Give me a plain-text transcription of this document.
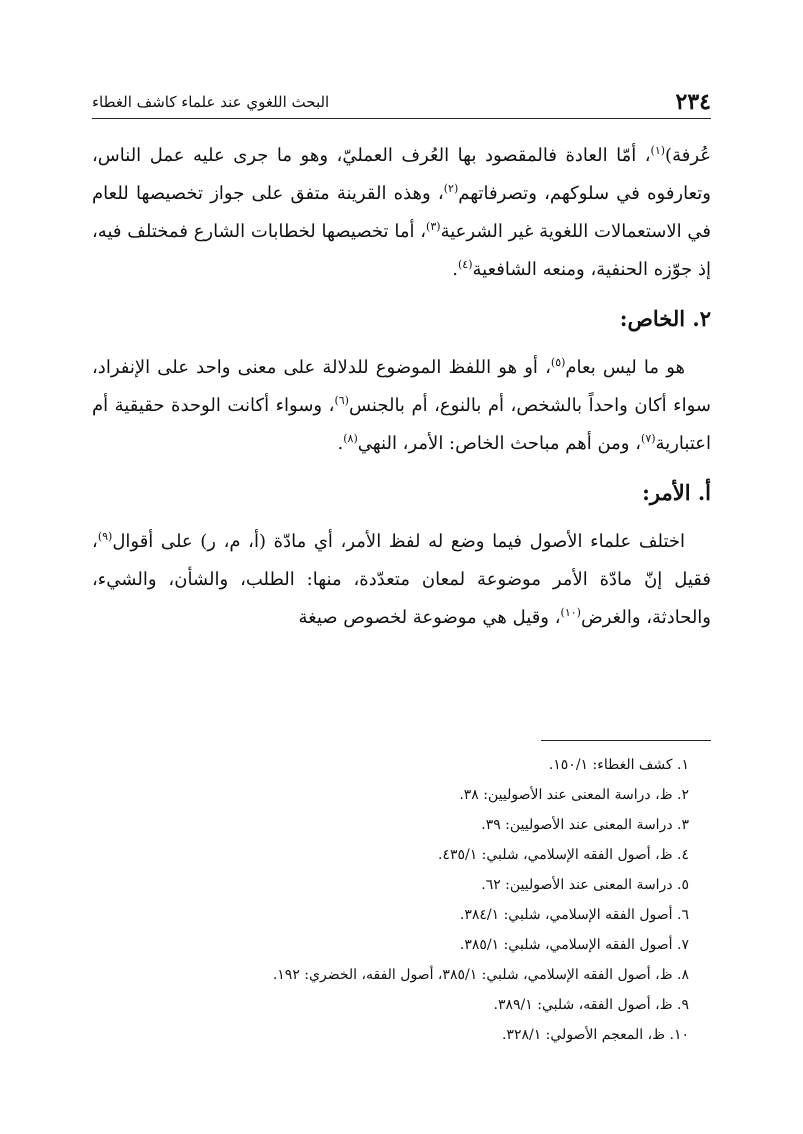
٢٣٤
البحث اللغوي عند علماء كاشف الغطاء

عُرفة)$^{(١)}$، أمّا العادة فالمقصود بها العُرف العمليّ، وهو ما جرى عليه عمل الناس، وتعارفوه في سلوكهم، وتصرفاتهم$^{(٢)}$، وهذه القرينة متفق على جواز تخصيصها للعام في الاستعمالات اللغوية غير الشرعية$^{(٣)}$، أما تخصيصها لخطابات الشارع فمختلف فيه، إذ جوّزه الحنفية، ومنعه الشافعية$^{(٤)}$.

٢. الخاص:

هو ما ليس بعام$^{(٥)}$، أو هو اللفظ الموضوع للدلالة على معنى واحد على الإنفراد، سواء أكان واحداً بالشخص، أم بالنوع، أم بالجنس$^{(٦)}$، وسواء أكانت الوحدة حقيقية أم اعتبارية$^{(٧)}$، ومن أهم مباحث الخاص: الأمر، النهي$^{(٨)}$.

أ. الأمر:

اختلف علماء الأصول فيما وضع له لفظ الأمر، أي مادّة (أ، م، ر) على أقوال$^{(٩)}$، فقيل إنّ مادّة الأمر موضوعة لمعان متعدّدة، منها: الطلب، والشأن، والشيء، والحادثة، والغرض$^{(١٠)}$، وقيل هي موضوعة لخصوص صيغة

١. كشف الغطاء: ١٥٠/١.
٢. ظ، دراسة المعنى عند الأصوليين: ٣٨.
٣. دراسة المعنى عند الأصوليين: ٣٩.
٤. ظ، أصول الفقه الإسلامي، شلبي: ٤٣٥/١.
٥. دراسة المعنى عند الأصوليين: ٦٢.
٦. أصول الفقه الإسلامي، شلبي: ٣٨٤/١.
٧. أصول الفقه الإسلامي، شلبي: ٣٨٥/١.
٨. ظ، أصول الفقه الإسلامي، شلبي: ٣٨٥/١، أصول الفقه، الخضري: ١٩٢.
٩. ظ، أصول الفقه، شلبي: ٣٨٩/١.
١٠. ظ، المعجم الأصولي: ٣٢٨/١.
